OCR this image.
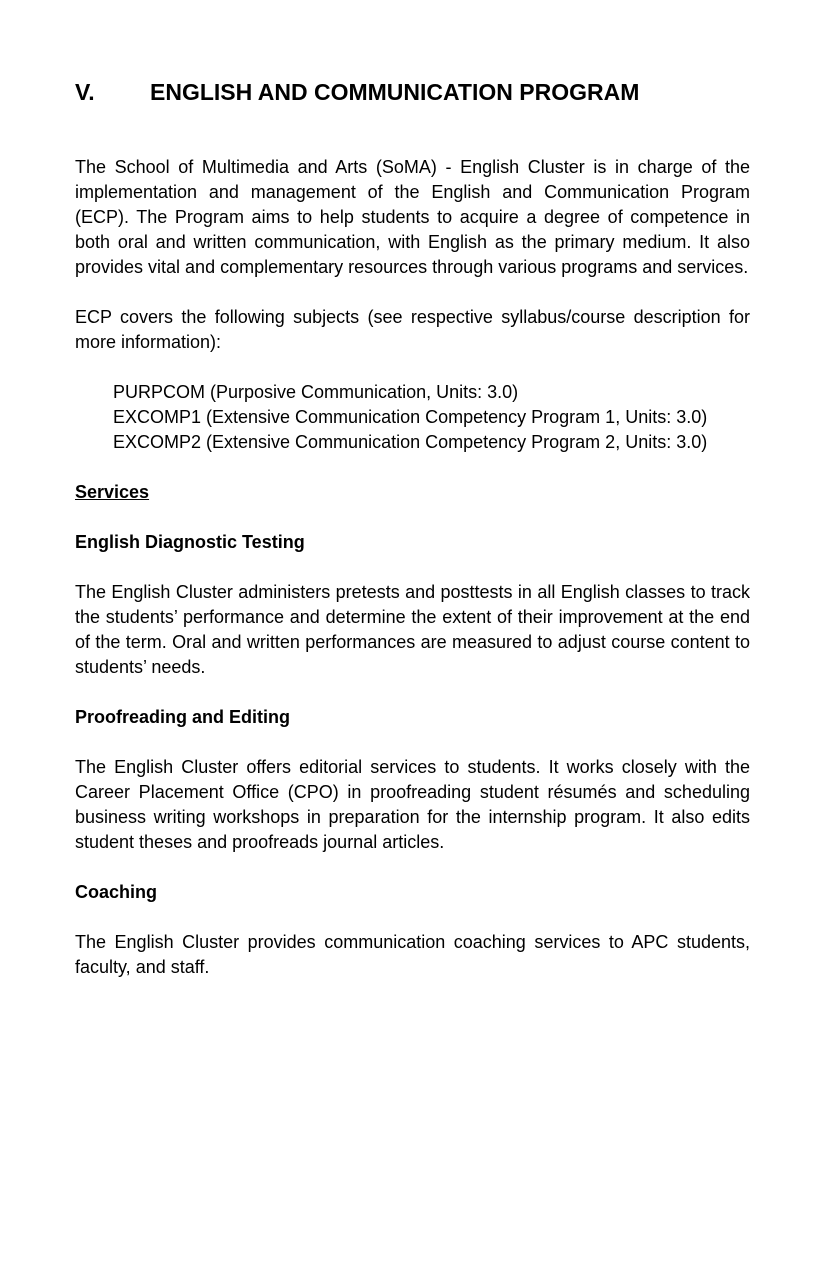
V. ENGLISH AND COMMUNICATION PROGRAM

The School of Multimedia and Arts (SoMA) - English Cluster is in charge of the implementation and management of the English and Communication Program (ECP). The Program aims to help students to acquire a degree of competence in both oral and written communication, with English as the primary medium. It also provides vital and complementary resources through various programs and services.

ECP covers the following subjects (see respective syllabus/course description for more information):

PURPCOM (Purposive Communication, Units: 3.0)
EXCOMP1 (Extensive Communication Competency Program 1, Units: 3.0)
EXCOMP2 (Extensive Communication Competency Program 2, Units: 3.0)
Services
English Diagnostic Testing

The English Cluster administers pretests and posttests in all English classes to track the students’ performance and determine the extent of their improvement at the end of the term. Oral and written performances are measured to adjust course content to students’ needs.

Proofreading and Editing

The English Cluster offers editorial services to students. It works closely with the Career Placement Office (CPO) in proofreading student résumés and scheduling business writing workshops in preparation for the internship program. It also edits student theses and proofreads journal articles.

Coaching

The English Cluster provides communication coaching services to APC students, faculty, and staff.
